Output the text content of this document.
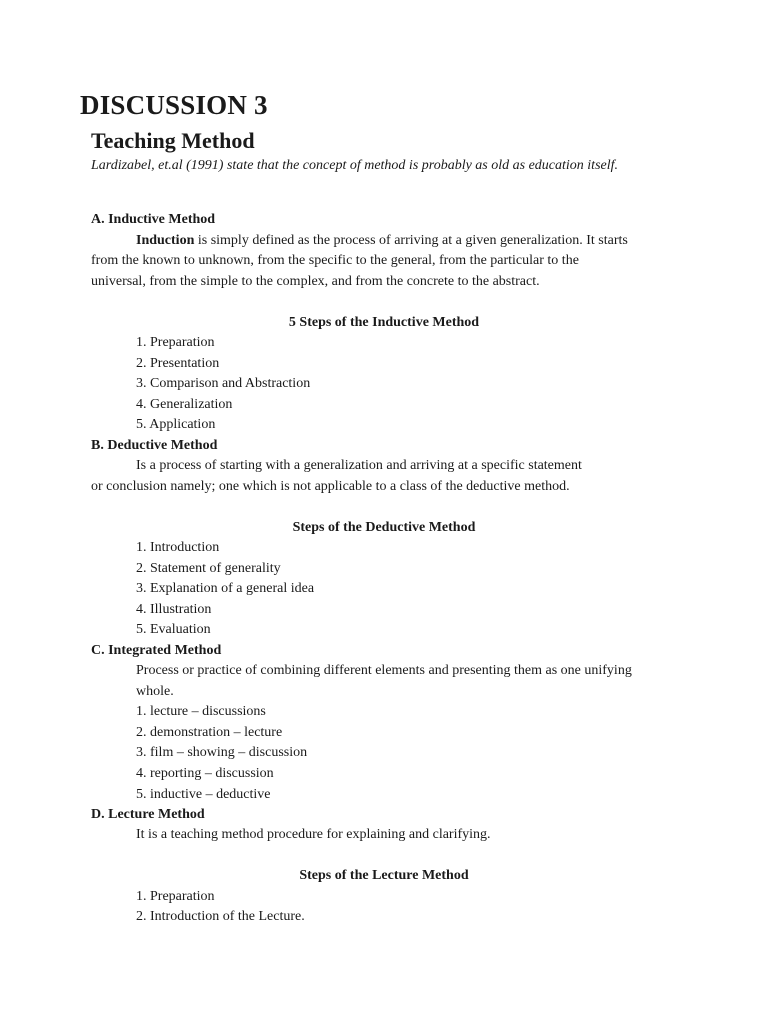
DISCUSSION 3
Teaching Method
Lardizabel, et.al (1991) state that the concept of method is probably as old as education itself.
A. Inductive Method
Induction is simply defined as the process of arriving at a given generalization. It starts
from the known to unknown, from the specific to the general, from the particular to the
universal, from the simple to the complex, and from the concrete to the abstract.
5 Steps of the Inductive Method
1. Preparation
2. Presentation
3. Comparison and Abstraction
4. Generalization
5. Application
B. Deductive Method
Is a process of starting with a generalization and arriving at a specific statement
or conclusion namely; one which is not applicable to a class of the deductive method.
Steps of the Deductive Method
1. Introduction
2. Statement of generality
3. Explanation of a general idea
4. Illustration
5. Evaluation
C. Integrated Method
Process or practice of combining different elements and presenting them as one unifying
whole.
1. lecture – discussions
2. demonstration – lecture
3. film – showing – discussion
4. reporting – discussion
5. inductive – deductive
D. Lecture Method
It is a teaching method procedure for explaining and clarifying.
Steps of the Lecture Method
1. Preparation
2. Introduction of the Lecture.
